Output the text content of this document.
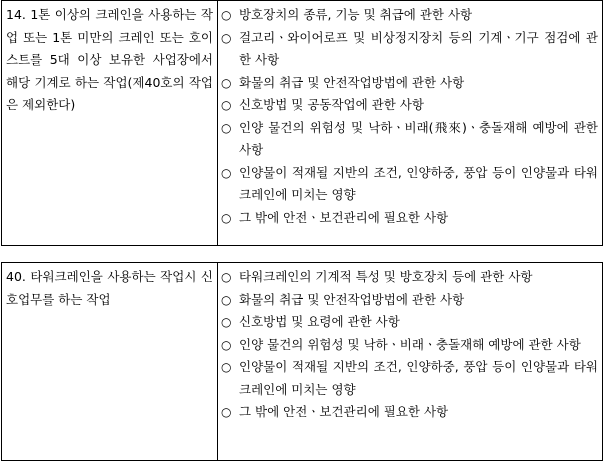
14. 1톤 이상의 크레인을 사용하는 작업 또는 1톤 미만의 크레인 또는 호이스트를 5대 이상 보유한 사업장에서 해당 기계로 하는 작업(제40호의 작업은 제외한다)

○ 방호장치의 종류, 기능 및 취급에 관한 사항
○ 걸고리ㆍ와이어로프 및 비상정지장치 등의 기계ㆍ기구 점검에 관한 사항
○ 화물의 취급 및 안전작업방법에 관한 사항
○ 신호방법 및 공동작업에 관한 사항
○ 인양 물건의 위험성 및 낙하ㆍ비래(飛來)ㆍ충돌재해 예방에 관한 사항
○ 인양물이 적재될 지반의 조건, 인양하중, 풍압 등이 인양물과 타워크레인에 미치는 영향
○ 그 밖에 안전ㆍ보건관리에 필요한 사항
40. 타워크레인을 사용하는 작업시 신호업무를 하는 작업

○ 타워크레인의 기계적 특성 및 방호장치 등에 관한 사항
○ 화물의 취급 및 안전작업방법에 관한 사항
○ 신호방법 및 요령에 관한 사항
○ 인양 물건의 위험성 및 낙하ㆍ비래ㆍ충돌재해 예방에 관한 사항
○ 인양물이 적재될 지반의 조건, 인양하중, 풍압 등이 인양물과 타워크레인에 미치는 영향
○ 그 밖에 안전ㆍ보건관리에 필요한 사항
